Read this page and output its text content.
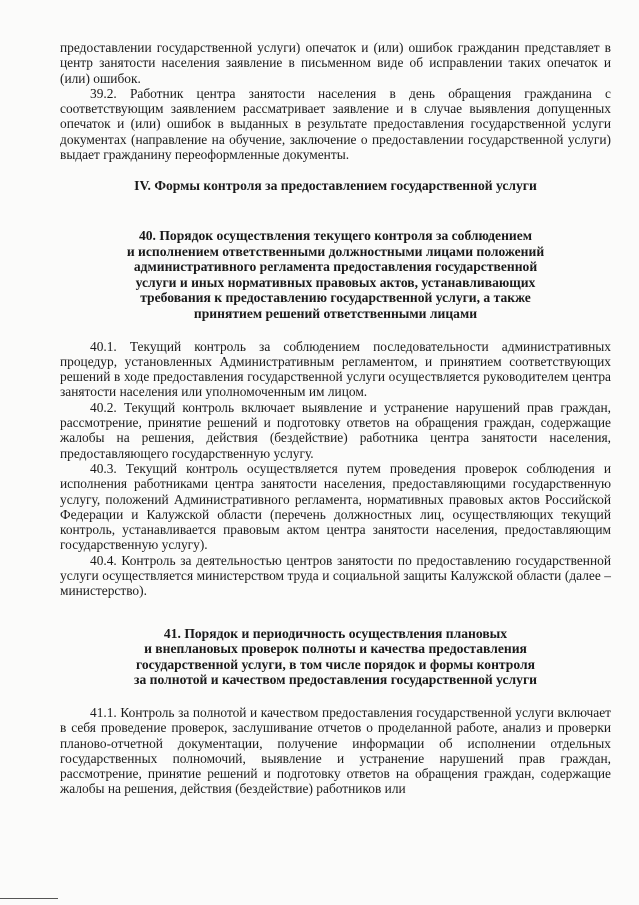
предоставлении государственной услуги) опечаток и (или) ошибок гражданин представляет в центр занятости населения заявление в письменном виде об исправлении таких опечаток и (или) ошибок.

39.2. Работник центра занятости населения в день обращения гражданина с соответствующим заявлением рассматривает заявление и в случае выявления допущенных опечаток и (или) ошибок в выданных в результате предоставления государственной услуги документах (направление на обучение, заключение о предоставлении государственной услуги) выдает гражданину переоформленные документы.

IV. Формы контроля за предоставлением государственной услуги
40. Порядок осуществления текущего контроля за соблюдением
и исполнением ответственными должностными лицами положений
административного регламента предоставления государственной
услуги и иных нормативных правовых актов, устанавливающих
требования к предоставлению государственной услуги, а также
принятием решений ответственными лицами

40.1. Текущий контроль за соблюдением последовательности административных процедур, установленных Административным регламентом, и принятием соответствующих решений в ходе предоставления государственной услуги осуществляется руководителем центра занятости населения или уполномоченным им лицом.

40.2. Текущий контроль включает выявление и устранение нарушений прав граждан, рассмотрение, принятие решений и подготовку ответов на обращения граждан, содержащие жалобы на решения, действия (бездействие) работника центра занятости населения, предоставляющего государственную услугу.

40.3. Текущий контроль осуществляется путем проведения проверок соблюдения и исполнения работниками центра занятости населения, предоставляющими государственную услугу, положений Административного регламента, нормативных правовых актов Российской Федерации и Калужской области (перечень должностных лиц, осуществляющих текущий контроль, устанавливается правовым актом центра занятости населения, предоставляющим государственную услугу).

40.4. Контроль за деятельностью центров занятости по предоставлению государственной услуги осуществляется министерством труда и социальной защиты Калужской области (далее – министерство).

41. Порядок и периодичность осуществления плановых
и внеплановых проверок полноты и качества предоставления
государственной услуги, в том числе порядок и формы контроля
за полнотой и качеством предоставления государственной услуги

41.1. Контроль за полнотой и качеством предоставления государственной услуги включает в себя проведение проверок, заслушивание отчетов о проделанной работе, анализ и проверки планово-отчетной документации, получение информации об исполнении отдельных государственных полномочий, выявление и устранение нарушений прав граждан, рассмотрение, принятие решений и подготовку ответов на обращения граждан, содержащие жалобы на решения, действия (бездействие) работников или
